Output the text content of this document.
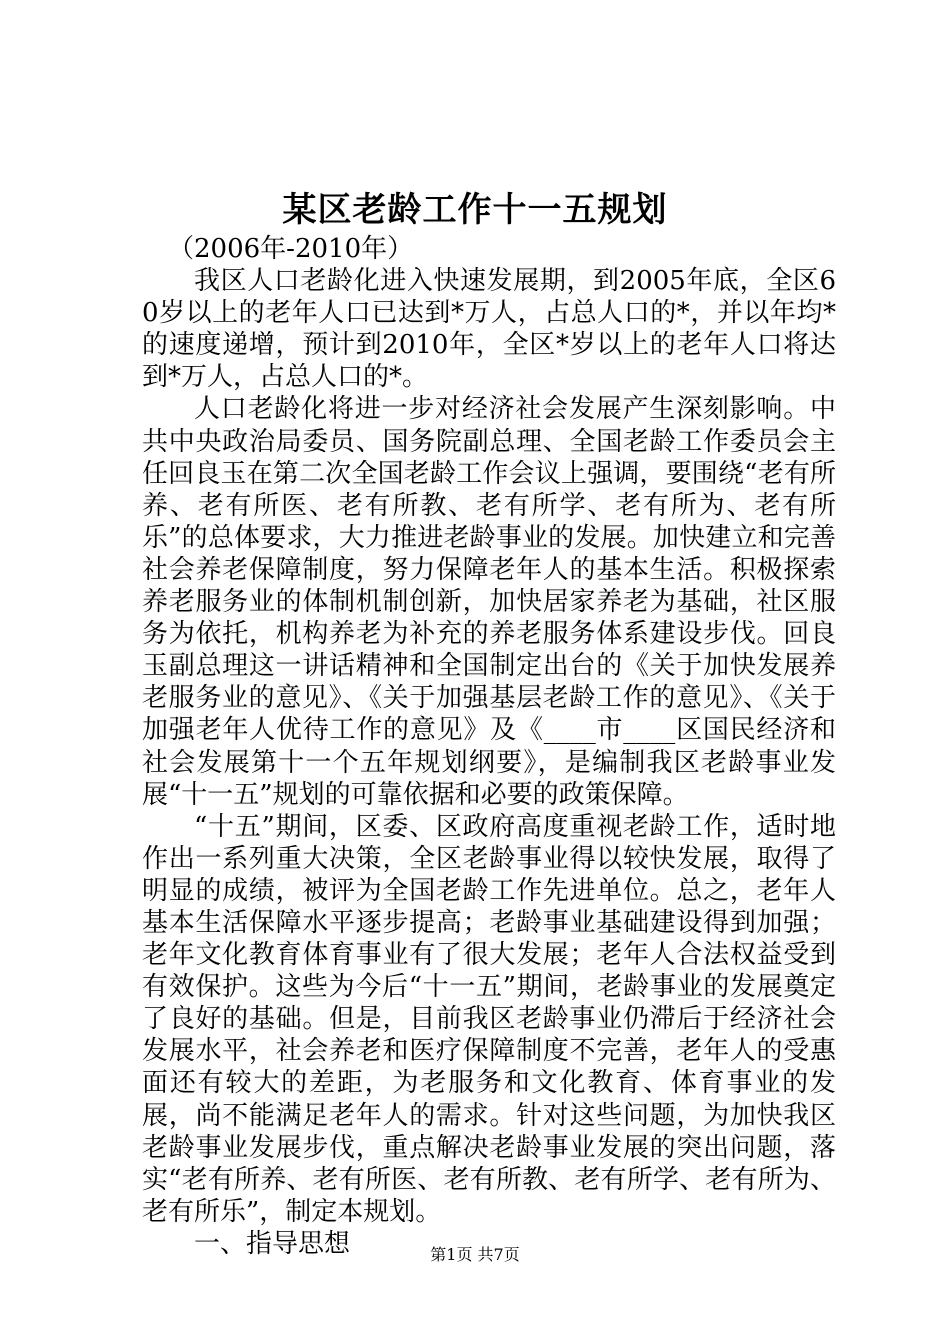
某区老龄工作十一五规划

（2006年-2010年）

我区人口老龄化进入快速发展期，到2005年底，全区60岁以上的老年人口已达到*万人，占总人口的*，并以年均*的速度递增，预计到2010年，全区*岁以上的老年人口将达到*万人，占总人口的*。

人口老龄化将进一步对经济社会发展产生深刻影响。中共中央政治局委员、国务院副总理、全国老龄工作委员会主任回良玉在第二次全国老龄工作会议上强调，要围绕“老有所养、老有所医、老有所教、老有所学、老有所为、老有所乐”的总体要求，大力推进老龄事业的发展。加快建立和完善社会养老保障制度，努力保障老年人的基本生活。积极探索养老服务业的体制机制创新，加快居家养老为基础，社区服务为依托，机构养老为补充的养老服务体系建设步伐。回良玉副总理这一讲话精神和全国制定出台的《关于加快发展养老服务业的意见》、《关于加强基层老龄工作的意见》、《关于加强老年人优待工作的意见》及《____市____区国民经济和社会发展第十一个五年规划纲要》，是编制我区老龄事业发展“十一五”规划的可靠依据和必要的政策保障。

“十五”期间，区委、区政府高度重视老龄工作，适时地作出一系列重大决策，全区老龄事业得以较快发展，取得了明显的成绩，被评为全国老龄工作先进单位。总之，老年人基本生活保障水平逐步提高；老龄事业基础建设得到加强；老年文化教育体育事业有了很大发展；老年人合法权益受到有效保护。这些为今后“十一五”期间，老龄事业的发展奠定了良好的基础。但是，目前我区老龄事业仍滞后于经济社会发展水平，社会养老和医疗保障制度不完善，老年人的受惠面还有较大的差距，为老服务和文化教育、体育事业的发展，尚不能满足老年人的需求。针对这些问题，为加快我区老龄事业发展步伐，重点解决老龄事业发展的突出问题，落实“老有所养、老有所医、老有所教、老有所学、老有所为、老有所乐”，制定本规划。

一、指导思想	第1页 共7页
